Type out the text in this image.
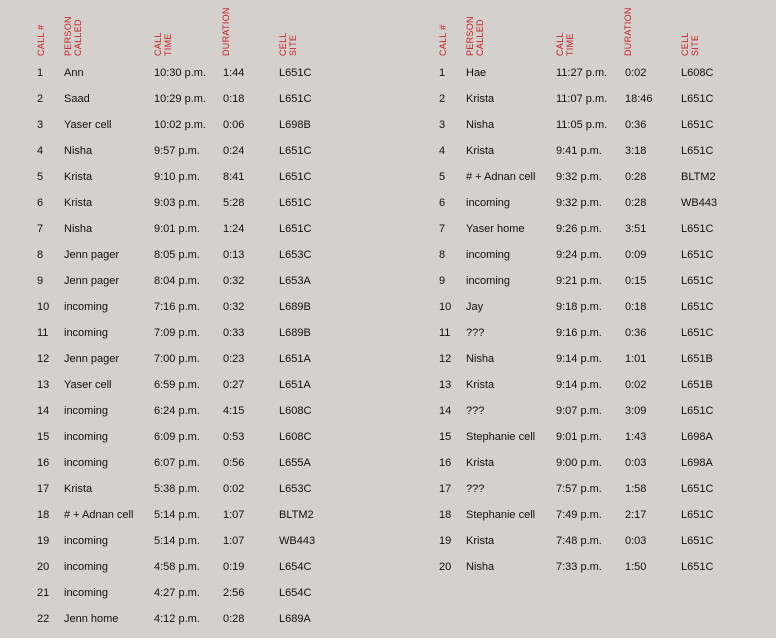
CALL # PERSON CALLED	CALL TIME	DURATION	CELL SITE
1 Ann	10:30 p.m. 1:44	L651C
2 Saad	10:29 p.m. 0:18	L651C
3 Yaser cell	10:02 p.m. 0:06	L698B
4 Nisha	9:57 p.m. 0:24	L651C
5 Krista	9:10 p.m. 8:41	L651C
6 Krista	9:03 p.m. 5:28	L651C
7 Nisha	9:01 p.m. 1:24	L651C
8 Jenn pager	8:05 p.m. 0:13	L653C
9 Jenn pager	8:04 p.m. 0:32	L653A
10 incoming	7:16 p.m. 0:32	L689B
11 incoming	7:09 p.m. 0:33	L689B
12 Jenn pager	7:00 p.m. 0:23	L651A
13 Yaser cell	6:59 p.m. 0:27	L651A
14 incoming	6:24 p.m. 4:15	L608C
15 incoming	6:09 p.m. 0:53	L608C
16 incoming	6:07 p.m. 0:56	L655A
17 Krista	5:38 p.m. 0:02	L653C
18 # + Adnan cell 5:14 p.m. 1:07	BLTM2
19 incoming	5:14 p.m. 1:07	WB443
20 incoming	4:58 p.m. 0:19	L654C
21 incoming	4:27 p.m. 2:56	L654C
22 Jenn home	4:12 p.m. 0:28	L689A
CALL # PERSON CALLED	CALL TIME	DURATION	CELL SITE
1 Hae	11:27 p.m. 0:02	L608C
2 Krista	11:07 p.m. 18:46	L651C
3 Nisha	11:05 p.m. 0:36	L651C
4 Krista	9:41 p.m. 3:18	L651C
5 # + Adnan cell 9:32 p.m. 0:28	BLTM2
6 incoming	9:32 p.m. 0:28	WB443
7 Yaser home	9:26 p.m. 3:51	L651C
8 incoming	9:24 p.m. 0:09	L651C
9 incoming	9:21 p.m. 0:15	L651C
10 Jay	9:18 p.m. 0:18	L651C
11 ???	9:16 p.m. 0:36	L651C
12 Nisha	9:14 p.m. 1:01	L651B
13 Krista	9:14 p.m. 0:02	L651B
14 ???	9:07 p.m. 3:09	L651C
15 Stephanie cell 9:01 p.m. 1:43	L698A
16 Krista	9:00 p.m. 0:03	L698A
17 ???	7:57 p.m. 1:58	L651C
18 Stephanie cell 7:49 p.m. 2:17	L651C
19 Krista	7:48 p.m. 0:03	L651C
20 Nisha	7:33 p.m. 1:50	L651C
